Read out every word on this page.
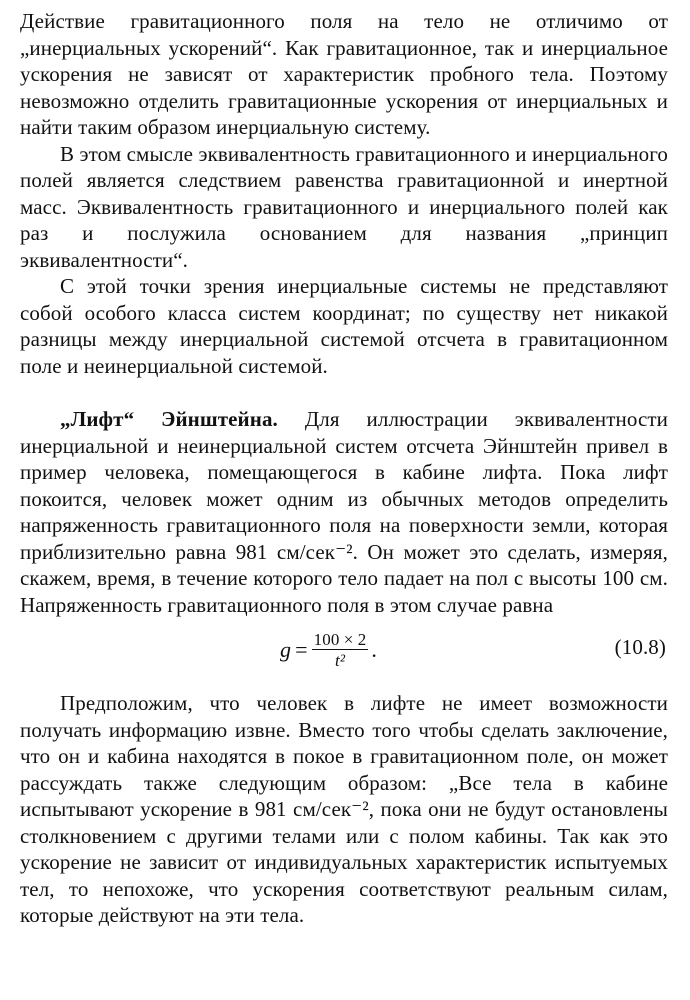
Действие гравитационного поля на тело не отличимо от „инерциальных ускорений“. Как гравитационное, так и инерциальное ускорения не зависят от характеристик пробного тела. Поэтому невозможно отделить гравитационные ускорения от инерциальных и найти таким образом инерциальную систему.

В этом смысле эквивалентность гравитационного и инерциального полей является следствием равенства гравитационной и инертной масс. Эквивалентность гравитационного и инерциального полей как раз и послужила основанием для названия „принцип эквивалентности“.

С этой точки зрения инерциальные системы не представляют собой особого класса систем координат; по существу нет никакой разницы между инерциальной системой отсчета в гравитационном поле и неинерциальной системой.

„Лифт“ Эйнштейна. Для иллюстрации эквивалентности инерциальной и неинерциальной систем отсчета Эйнштейн привел в пример человека, помещающегося в кабине лифта. Пока лифт покоится, человек может одним из обычных методов определить напряженность гравитационного поля на поверхности земли, которая приблизительно равна 981 см/сек⁻². Он может это сделать, измеряя, скажем, время, в течение которого тело падает на пол с высоты 100 см. Напряженность гравитационного поля в этом случае равна

$g = \frac{100 \times 2}{\text{t²}}$ .	(10.8)

Предположим, что человек в лифте не имеет возможности получать информацию извне. Вместо того чтобы сделать заключение, что он и кабина находятся в покое в гравитационном поле, он может рассуждать также следующим образом: „Все тела в кабине испытывают ускорение в 981 см/сек⁻², пока они не будут остановлены столкновением с другими телами или с полом кабины. Так как это ускорение не зависит от индивидуальных характеристик испытуемых тел, то непохоже, что ускорения соответствуют реальным силам, которые действуют на эти тела.
